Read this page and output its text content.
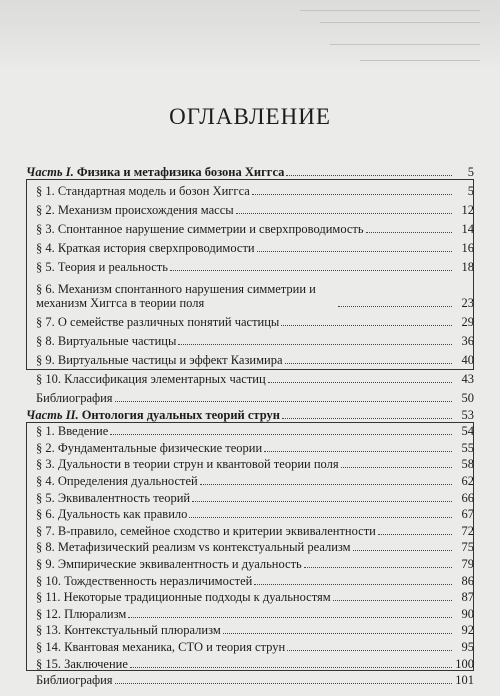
ОГЛАВЛЕНИЕ
Часть I. Физика и метафизика бозона Хиггса	5
§ 1. Стандартная модель и бозон Хиггса	5
§ 2. Механизм происхождения массы	12
§ 3. Спонтанное нарушение симметрии и сверхпроводимость	14
§ 4. Краткая история сверхпроводимости	16
§ 5. Теория и реальность	18
§ 6. Механизм спонтанного нарушения симметрии и механизм Хиггса в теории поля	23
§ 7. О семействе различных понятий частицы	29
§ 8. Виртуальные частицы	36
§ 9. Виртуальные частицы и эффект Казимира	40
§ 10. Классификация элементарных частиц	43
Библиография	50
Часть II. Онтология дуальных теорий струн	53
§ 1. Введение	54
§ 2. Фундаментальные физические теории	55
§ 3. Дуальности в теории струн и квантовой теории поля	58
§ 4. Определения дуальностей	62
§ 5. Эквивалентность теорий	66
§ 6. Дуальность как правило	67
§ 7. B-правило, семейное сходство и критерии эквивалентности	72
§ 8. Метафизический реализм vs контекстуальный реализм	75
§ 9. Эмпирические эквивалентность и дуальность	79
§ 10. Тождественность неразличимостей	86
§ 11. Некоторые традиционные подходы к дуальностям	87
§ 12. Плюрализм	90
§ 13. Контекстуальный плюрализм	92
§ 14. Квантовая механика, СТО и теория струн	95
§ 15. Заключение	100
Библиография	101
